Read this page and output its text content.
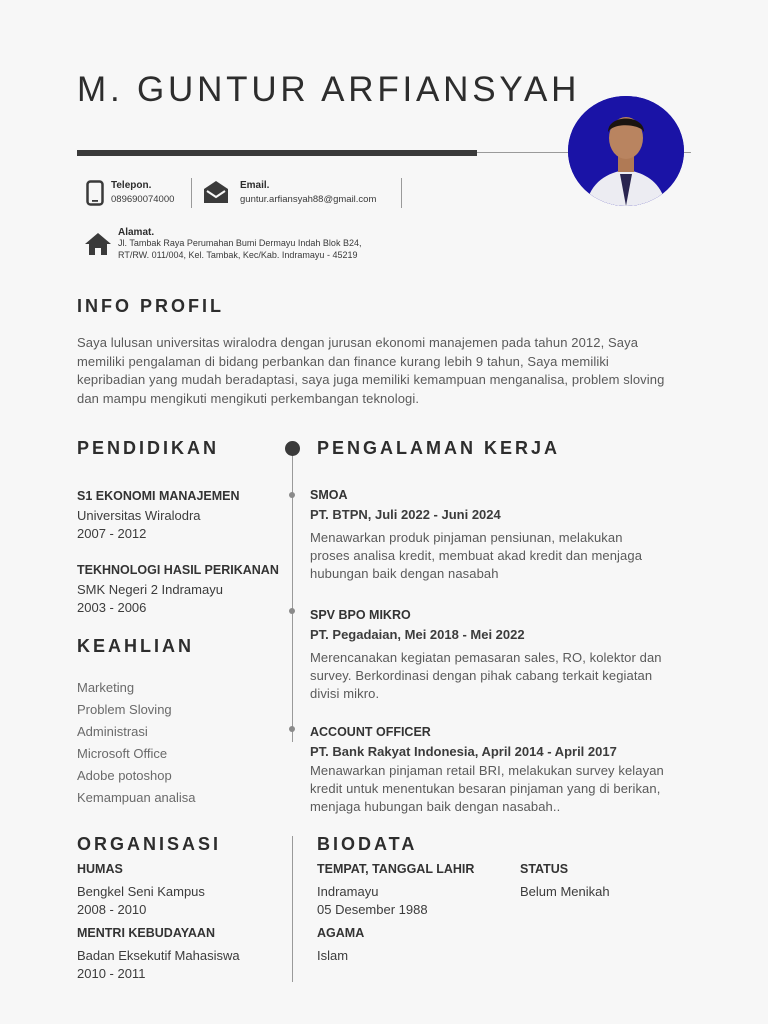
M. GUNTUR ARFIANSYAH
Telepon.
089690074000
Email.
guntur.arfiansyah88@gmail.com
Alamat.
Jl. Tambak Raya Perumahan Bumi Dermayu Indah Blok B24,
RT/RW. 011/004, Kel. Tambak, Kec/Kab. Indramayu - 45219
INFO PROFIL
Saya lulusan universitas wiralodra dengan jurusan ekonomi manajemen pada tahun 2012, Saya memiliki pengalaman di bidang perbankan dan finance kurang lebih 9 tahun, Saya memiliki kepribadian yang mudah beradaptasi, saya juga memiliki kemampuan menganalisa, problem sloving dan mampu mengikuti mengikuti perkembangan teknologi.
PENDIDIKAN
S1 EKONOMI MANAJEMEN
Universitas Wiralodra
2007 - 2012
TEKHNOLOGI HASIL PERIKANAN
SMK Negeri 2 Indramayu
2003 - 2006
KEAHLIAN
Marketing
Problem Sloving
Administrasi
Microsoft Office
Adobe potoshop
Kemampuan analisa
PENGALAMAN KERJA
SMOA
PT. BTPN, Juli 2022 - Juni 2024
Menawarkan produk pinjaman pensiunan, melakukan
proses analisa kredit, membuat akad kredit dan menjaga
hubungan baik dengan nasabah
SPV BPO MIKRO
PT. Pegadaian, Mei 2018 - Mei 2022
Merencanakan kegiatan pemasaran sales, RO, kolektor dan
survey. Berkordinasi dengan pihak cabang terkait kegiatan
divisi mikro.
ACCOUNT OFFICER
PT. Bank Rakyat Indonesia, April 2014 - April 2017
Menawarkan pinjaman retail BRI, melakukan survey kelayan
kredit untuk menentukan besaran pinjaman yang di berikan,
menjaga hubungan baik dengan nasabah..
ORGANISASI
HUMAS
Bengkel Seni Kampus
2008 - 2010
MENTRI KEBUDAYAAN
Badan Eksekutif Mahasiswa
2010 - 2011
BIODATA
TEMPAT, TANGGAL LAHIR
Indramayu
05 Desember 1988
AGAMA
Islam
STATUS
Belum Menikah
